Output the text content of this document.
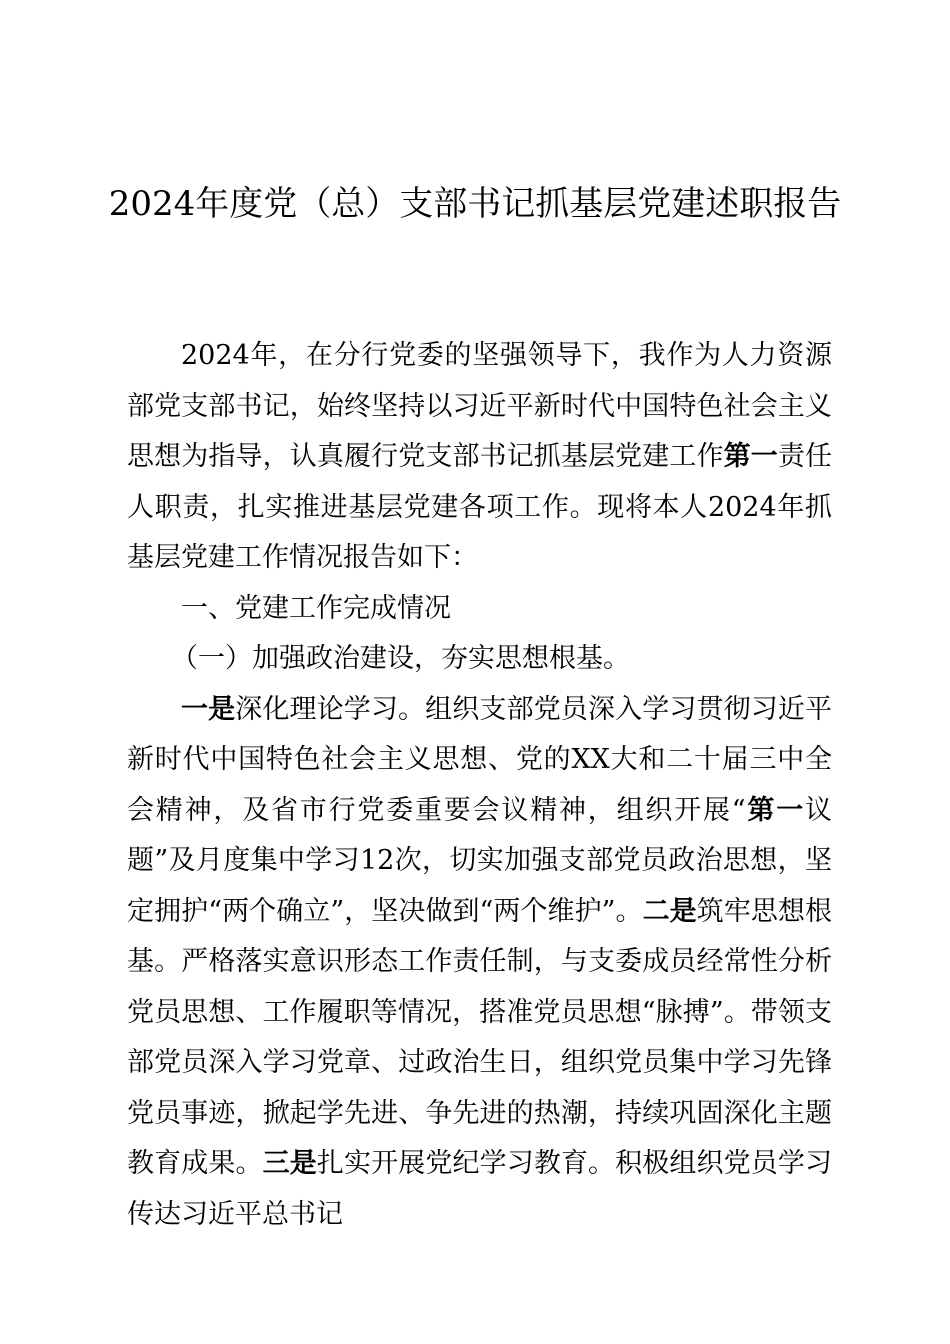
2024年度党（总）支部书记抓基层党建述职报告

2024年，在分行党委的坚强领导下，我作为人力资源部党支部书记，始终坚持以习近平新时代中国特色社会主义思想为指导，认真履行党支部书记抓基层党建工作第一责任人职责，扎实推进基层党建各项工作。现将本人2024年抓基层党建工作情况报告如下：

一、党建工作完成情况

（一）加强政治建设，夯实思想根基。

一是深化理论学习。组织支部党员深入学习贯彻习近平新时代中国特色社会主义思想、党的XX大和二十届三中全会精神，及省市行党委重要会议精神，组织开展“第一议题”及月度集中学习12次，切实加强支部党员政治思想，坚定拥护“两个确立”，坚决做到“两个维护”。二是筑牢思想根基。严格落实意识形态工作责任制，与支委成员经常性分析党员思想、工作履职等情况，搭准党员思想“脉搏”。带领支部党员深入学习党章、过政治生日，组织党员集中学习先锋党员事迹，掀起学先进、争先进的热潮，持续巩固深化主题教育成果。三是扎实开展党纪学习教育。积极组织党员学习传达习近平总书记
